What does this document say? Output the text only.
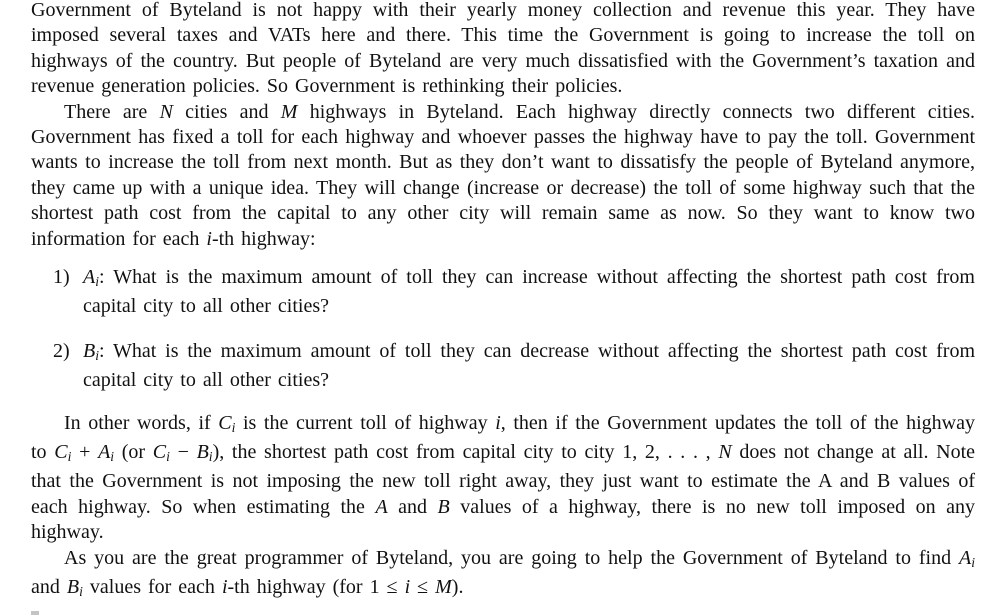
Government of Byteland is not happy with their yearly money collection and revenue this year. They have imposed several taxes and VATs here and there. This time the Government is going to increase the toll on highways of the country. But people of Byteland are very much dissatisfied with the Government’s taxation and revenue generation policies. So Government is rethinking their policies.

There are N cities and M highways in Byteland. Each highway directly connects two different cities. Government has fixed a toll for each highway and whoever passes the highway have to pay the toll. Government wants to increase the toll from next month. But as they don’t want to dissatisfy the people of Byteland anymore, they came up with a unique idea. They will change (increase or decrease) the toll of some highway such that the shortest path cost from the capital to any other city will remain same as now. So they want to know two information for each i-th highway:

1) Ai: What is the maximum amount of toll they can increase without affecting the shortest path cost from capital city to all other cities?
2) Bi: What is the maximum amount of toll they can decrease without affecting the shortest path cost from capital city to all other cities?

In other words, if Ci is the current toll of highway i, then if the Government updates the toll of the highway to Ci + Ai (or Ci − Bi), the shortest path cost from capital city to city 1, 2, . . . , N does not change at all. Note that the Government is not imposing the new toll right away, they just want to estimate the A and B values of each highway. So when estimating the A and B values of a highway, there is no new toll imposed on any highway.

As you are the great programmer of Byteland, you are going to help the Government of Byteland to find Ai and Bi values for each i-th highway (for 1 ≤ i ≤ M).
